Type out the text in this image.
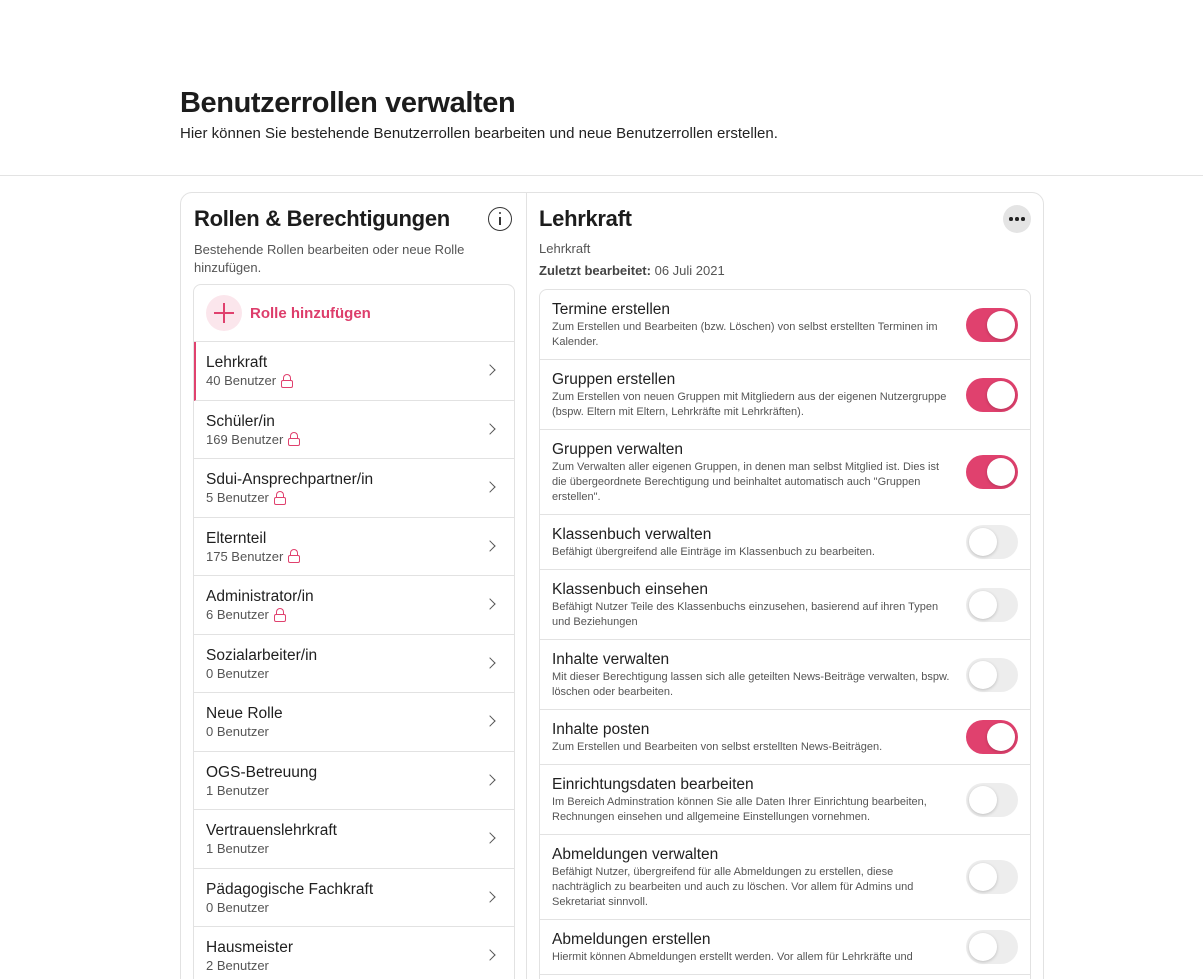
Benutzerrollen verwalten

Hier können Sie bestehende Benutzerrollen bearbeiten und neue Benutzerrollen erstellen.

Rollen & Berechtigungen
Bestehende Rollen bearbeiten oder neue Rolle hinzufügen.
Rolle hinzufügen
Lehrkraft
40 Benutzer
Schüler/in
169 Benutzer
Sdui-Ansprechpartner/in
5 Benutzer
Elternteil
175 Benutzer
Administrator/in
6 Benutzer
Sozialarbeiter/in
0 Benutzer
Neue Rolle
0 Benutzer
OGS-Betreuung
1 Benutzer
Vertrauenslehrkraft
1 Benutzer
Pädagogische Fachkraft
0 Benutzer
Hausmeister
2 Benutzer
Lehrkraft
Lehrkraft
Zuletzt bearbeitet: 06 Juli 2021
Termine erstellen
Zum Erstellen und Bearbeiten (bzw. Löschen) von selbst erstellten Terminen im Kalender.
Gruppen erstellen
Zum Erstellen von neuen Gruppen mit Mitgliedern aus der eigenen Nutzergruppe (bspw. Eltern mit Eltern, Lehrkräfte mit Lehrkräften).
Gruppen verwalten
Zum Verwalten aller eigenen Gruppen, in denen man selbst Mitglied ist. Dies ist die übergeordnete Berechtigung und beinhaltet automatisch auch "Gruppen erstellen".
Klassenbuch verwalten
Befähigt übergreifend alle Einträge im Klassenbuch zu bearbeiten.
Klassenbuch einsehen
Befähigt Nutzer Teile des Klassenbuchs einzusehen, basierend auf ihren Typen und Beziehungen
Inhalte verwalten
Mit dieser Berechtigung lassen sich alle geteilten News-Beiträge verwalten, bspw. löschen oder bearbeiten.
Inhalte posten
Zum Erstellen und Bearbeiten von selbst erstellten News-Beiträgen.
Einrichtungsdaten bearbeiten
Im Bereich Adminstration können Sie alle Daten Ihrer Einrichtung bearbeiten, Rechnungen einsehen und allgemeine Einstellungen vornehmen.
Abmeldungen verwalten
Befähigt Nutzer, übergreifend für alle Abmeldungen zu erstellen, diese nachträglich zu bearbeiten und auch zu löschen. Vor allem für Admins und Sekretariat sinnvoll.
Abmeldungen erstellen
Hiermit können Abmeldungen erstellt werden. Vor allem für Lehrkräfte und
